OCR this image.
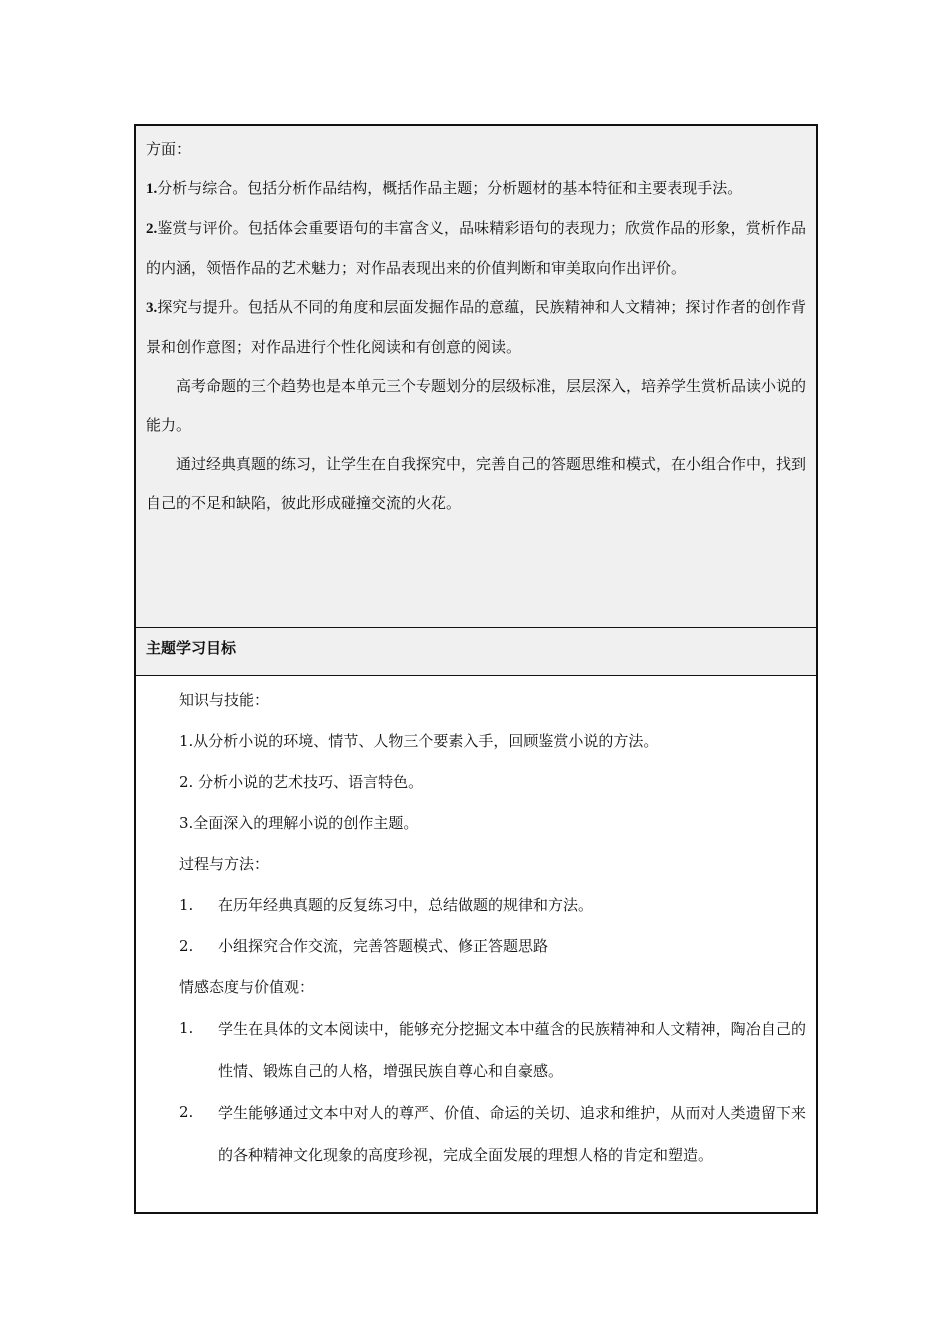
方面：

1.分析与综合。包括分析作品结构，概括作品主题；分析题材的基本特征和主要表现手法。

2.鉴赏与评价。包括体会重要语句的丰富含义，品味精彩语句的表现力；欣赏作品的形象，赏析作品的内涵，领悟作品的艺术魅力；对作品表现出来的价值判断和审美取向作出评价。

3.探究与提升。包括从不同的角度和层面发掘作品的意蕴，民族精神和人文精神；探讨作者的创作背景和创作意图；对作品进行个性化阅读和有创意的阅读。

高考命题的三个趋势也是本单元三个专题划分的层级标准，层层深入，培养学生赏析品读小说的能力。

通过经典真题的练习，让学生在自我探究中，完善自己的答题思维和模式，在小组合作中，找到自己的不足和缺陷，彼此形成碰撞交流的火花。

主题学习目标

知识与技能：

1.从分析小说的环境、情节、人物三个要素入手，回顾鉴赏小说的方法。

2. 分析小说的艺术技巧、语言特色。

3.全面深入的理解小说的创作主题。

过程与方法：

1.	在历年经典真题的反复练习中，总结做题的规律和方法。
2.	小组探究合作交流，完善答题模式、修正答题思路

情感态度与价值观：

1.	学生在具体的文本阅读中，能够充分挖掘文本中蕴含的民族精神和人文精神，陶冶自己的性情、锻炼自己的人格，增强民族自尊心和自豪感。
2.	学生能够通过文本中对人的尊严、价值、命运的关切、追求和维护，从而对人类遗留下来的各种精神文化现象的高度珍视，完成全面发展的理想人格的肯定和塑造。
